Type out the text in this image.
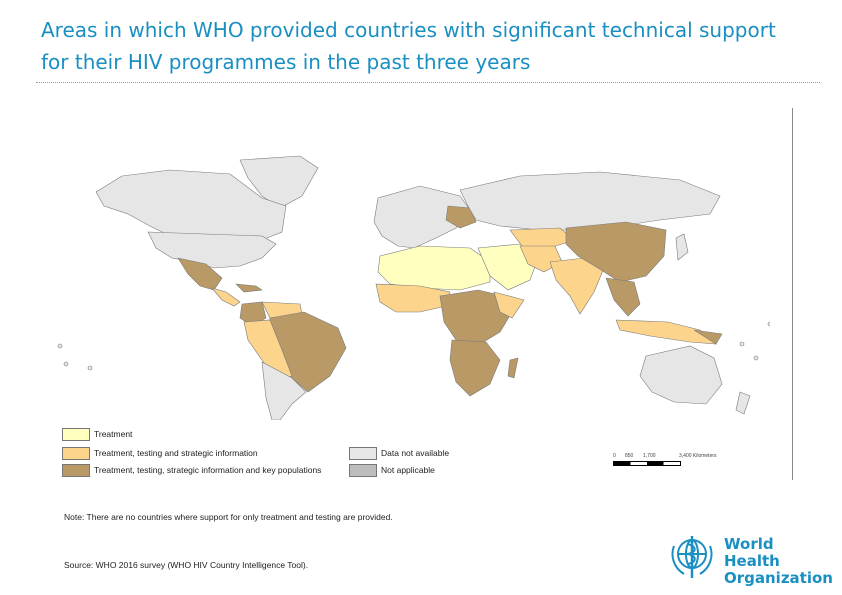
Areas in which WHO provided countries with significant technical support for their HIV programmes in the past three years
Treatment
Treatment, testing and strategic information
Treatment, testing, strategic information and key populations
Data not available
Not applicable
0 850 1,700	3,400 Kilometers
Note: There are no countries where support for only treatment and testing are provided.
Source: WHO 2016 survey (WHO HIV Country Intelligence Tool).
World Health
Organization
